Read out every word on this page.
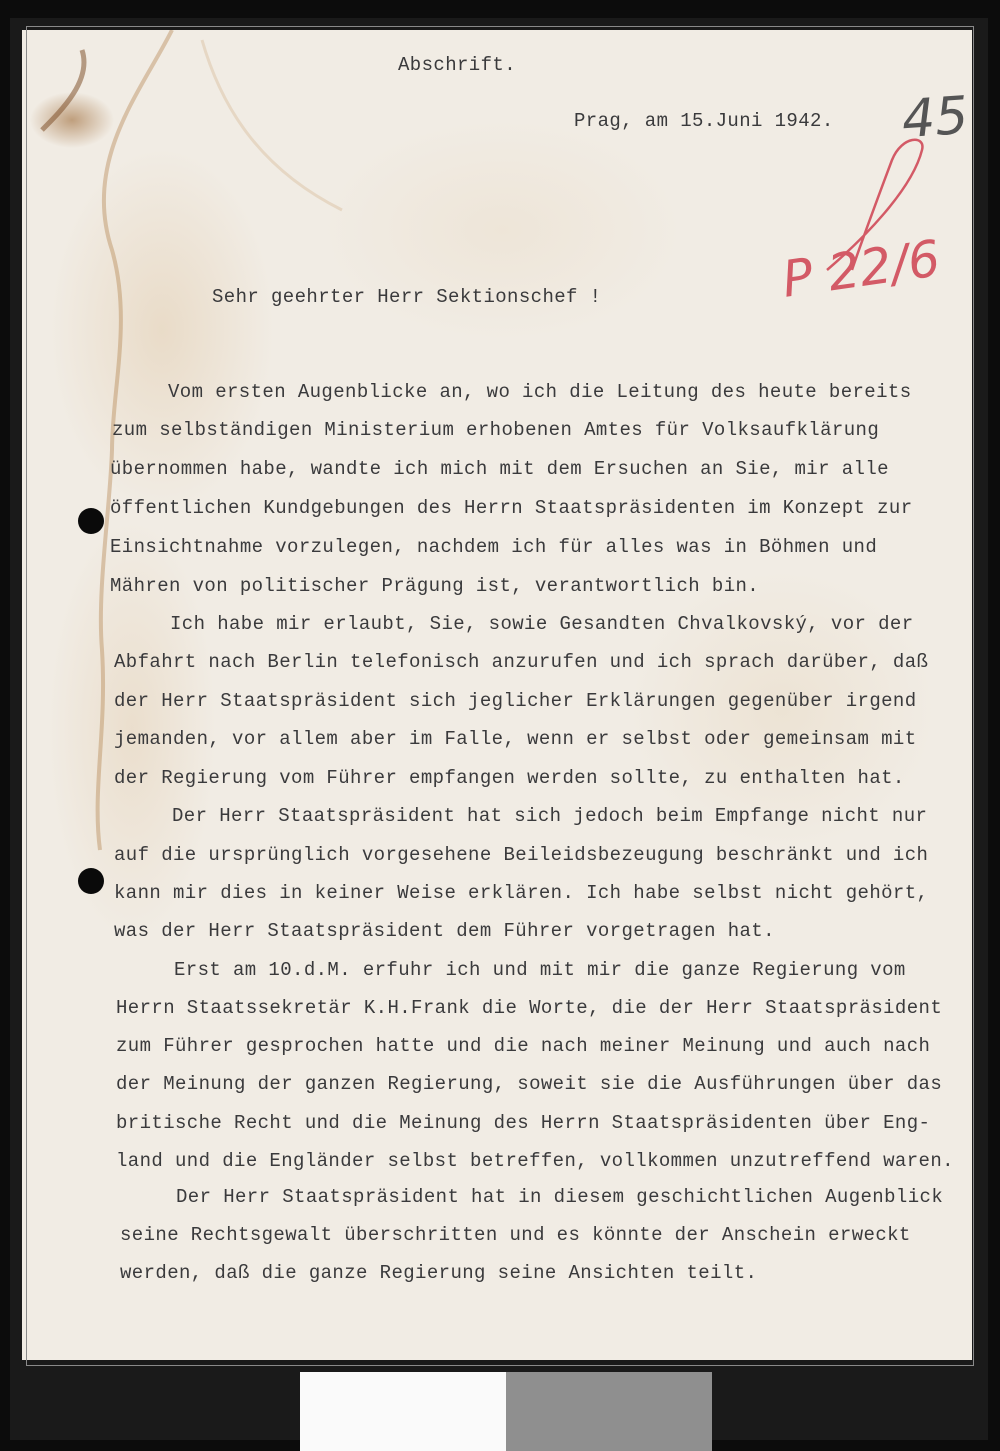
Abschrift.
Prag, am 15.Juni 1942.
Sehr geehrter Herr Sektionschef !
Vom ersten Augenblicke an, wo ich die Leitung des heute bereits
zum selbständigen Ministerium erhobenen Amtes für Volksaufklärung
übernommen habe, wandte ich mich mit dem Ersuchen an Sie, mir alle
öffentlichen Kundgebungen des Herrn Staatspräsidenten im Konzept zur
Einsichtnahme vorzulegen, nachdem ich für alles was in Böhmen und
Mähren von politischer Prägung ist, verantwortlich bin.
Ich habe mir erlaubt, Sie, sowie Gesandten Chvalkovský, vor der
Abfahrt nach Berlin telefonisch anzurufen und ich sprach darüber, daß
der Herr Staatspräsident sich jeglicher Erklärungen gegenüber irgend
jemanden, vor allem aber im Falle, wenn er selbst oder gemeinsam mit
der Regierung vom Führer empfangen werden sollte, zu enthalten hat.
Der Herr Staatspräsident hat sich jedoch beim Empfange nicht nur
auf die ursprünglich vorgesehene Beileidsbezeugung beschränkt und ich
kann mir dies in keiner Weise erklären. Ich habe selbst nicht gehört,
was der Herr Staatspräsident dem Führer vorgetragen hat.
Erst am 10.d.M. erfuhr ich und mit mir die ganze Regierung vom
Herrn Staatssekretär K.H.Frank die Worte, die der Herr Staatspräsident
zum Führer gesprochen hatte und die nach meiner Meinung und auch nach
der Meinung der ganzen Regierung, soweit sie die Ausführungen über das
britische Recht und die Meinung des Herrn Staatspräsidenten über Eng-
land und die Engländer selbst betreffen, vollkommen unzutreffend waren.
Der Herr Staatspräsident hat in diesem geschichtlichen Augenblick
seine Rechtsgewalt überschritten und es könnte der Anschein erweckt
werden, daß die ganze Regierung seine Ansichten teilt.
45
P 22/6
